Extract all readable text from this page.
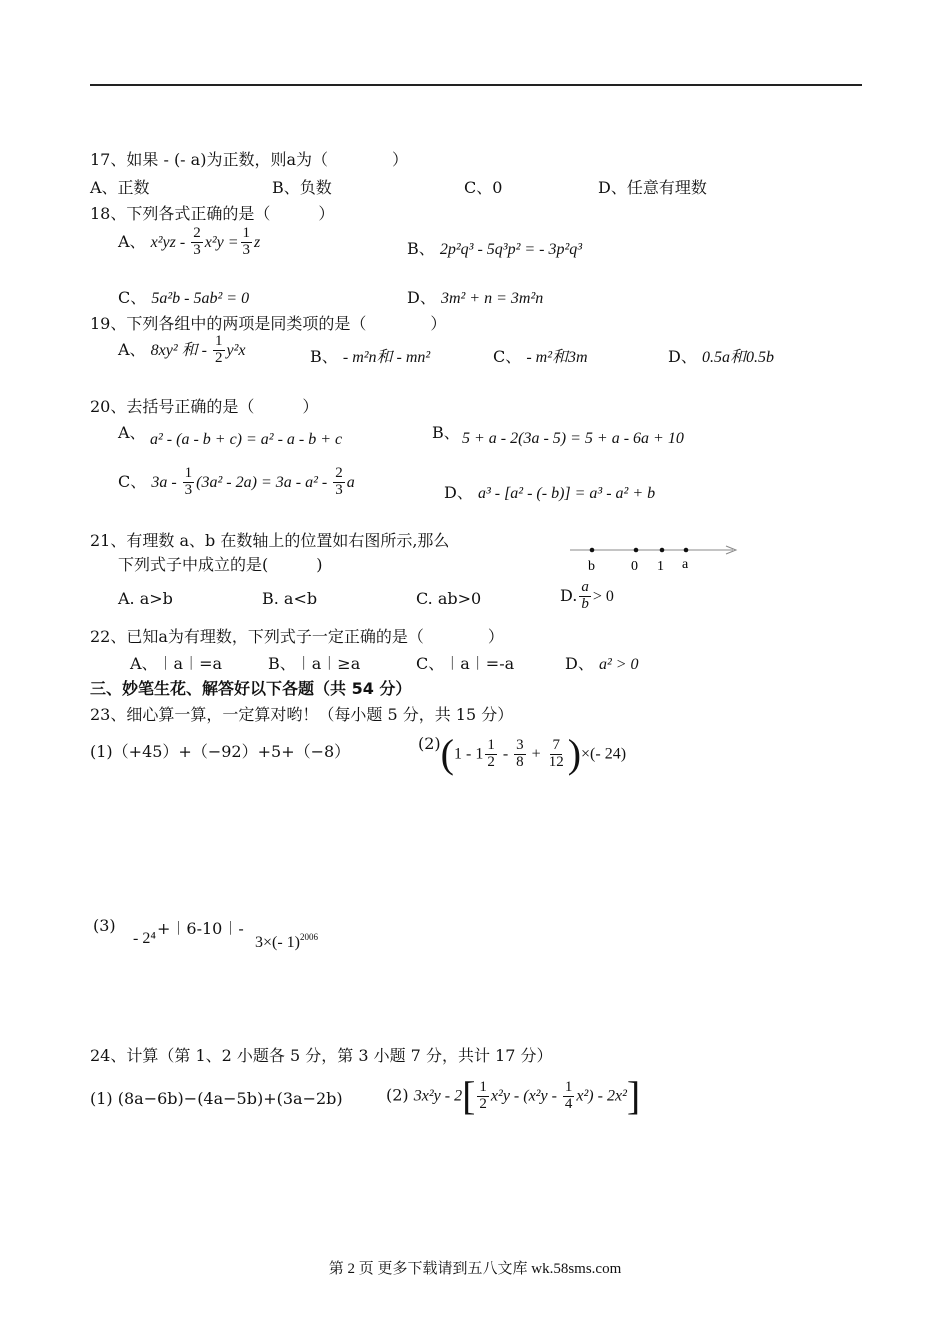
17、如果 - (- a)为正数，则a为（　　　　）
A、正数	B、负数	C、0	D、任意有理数
18、下列各式正确的是（　　　）
A、 $x^2yz - \frac{2}{3} x^2y = \frac{1}{3}$ z	B、 2p²q³ - 5q³p² = - 3p²q³
C、 5a²b - 5ab² = 0	D、 3m² + n = 3m²n
19、下列各组中的两项是同类项的是（　　　　）
A、 8xy² 和 - $\frac{1}{2} y^2x$	B、 - m²n和 - mn²	C、 - m²和3m	D、 0.5a和0.5b
20、去括号正确的是（　　　）
A、 a² - (a - b + c) = a² - a - b + c	B、 5 + a - 2(3a - 5) = 5 + a - 6a + 10
C、 $3a - \frac{1}{3} (3a^2 - 2a) = 3a - a^2 - \frac{2}{3}$ a
D、 a³ - [a² - (- b)] = a³ - a² + b
21、有理数 a、b 在数轴上的位置如右图所示,那么
下列式子中成立的是(　　　)	b	0 1 a
A. a>b	B. a<b	C. ab>0	D. $\frac{a}{b} > 0$
22、已知a为有理数，下列式子一定正确的是（　　　　）
A、︱a︱=a	B、︱a︱≥a	C、︱a︱=-a	D、 a² > 0
三、妙笔生花、解答好以下各题（共 54 分）
23、细心算一算，一定算对哟！（每小题 5 分，共 15 分）
(1)（+45）+（−92）+5+（−8）	$(2)(1 - 1 \frac{1}{2} - \frac{3}{8} + \frac{7}{12}$ )×(- 24)
(3)
- 2⁴
+︱6-10︱-
3×(- 1)$^{2006}$
24、计算（第 1、2 小题各 5 分，第 3 小题 7 分，共计 17 分）
(1) (8a−6b)−(4a−5b)+(3a−2b)	(2) $3x^2y - 2[ \frac{1}{2} x^2y - (x^2y - \frac{1}{4} x^2) - 2x^2]$
第 2 页 更多下载请到五八文库 wk.58sms.com
